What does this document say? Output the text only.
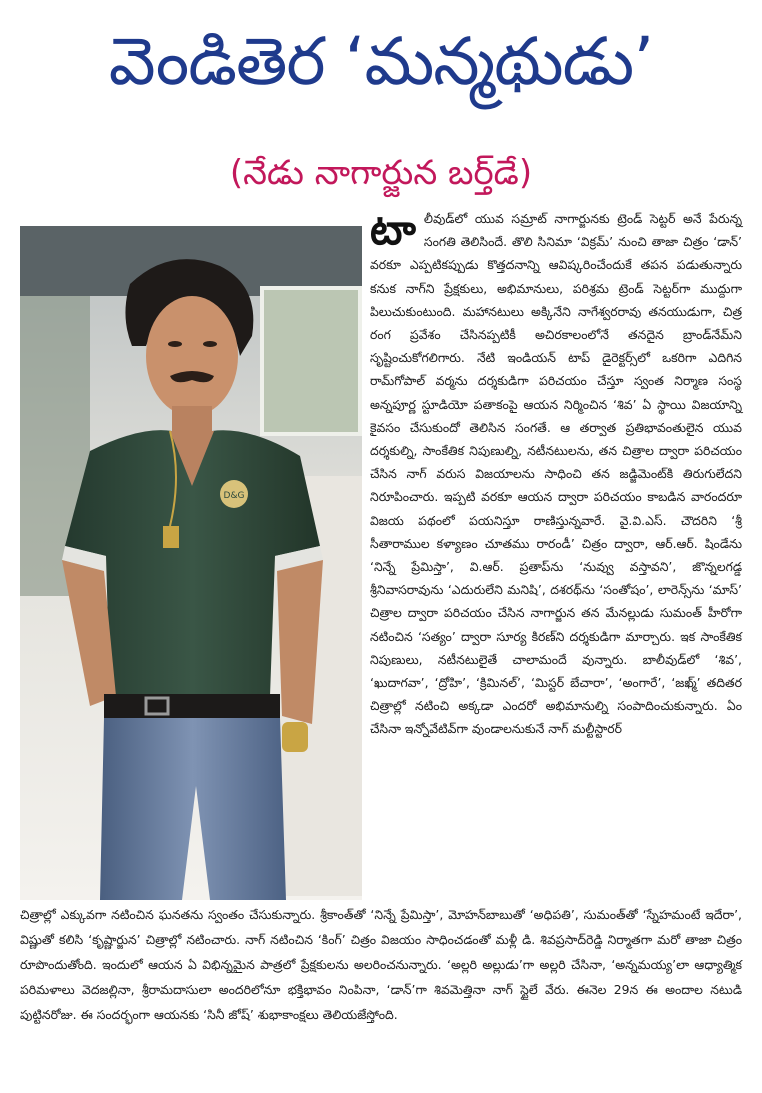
వెండితెర ‘మన్మథుడు’
(నేడు నాగార్జున బర్త్‌డే)
D&G

టాలీవుడ్‌లో యువ సమ్రాట్ నాగార్జునకు ట్రెండ్ సెట్టర్ అనే పేరున్న సంగతి తెలిసిందే. తొలి సినిమా ‘విక్రమ్’ నుంచి తాజా చిత్రం ‘డాన్’ వరకూ ఎప్పటికప్పుడు కొత్తదనాన్ని ఆవిష్కరించేందుకే తపన పడుతున్నారు కనుక నాగ్‌ని ప్రేక్షకులు, అభిమానులు, పరిశ్రమ ట్రెండ్ సెట్టర్‌గా ముద్దుగా పిలుచుకుంటుంది. మహానటులు అక్కినేని నాగేశ్వరరావు తనయుడుగా, చిత్ర రంగ ప్రవేశం చేసినప్పటికీ అచిరకాలంలోనే తనదైన బ్రాండ్‌నేమ్‌ని సృష్టించుకోగలిగారు. నేటి ఇండియన్ టాప్ డైరెక్టర్స్‌లో ఒకరిగా ఎదిగిన రామ్‌గోపాల్ వర్మను దర్శకుడిగా పరిచయం చేస్తూ స్వంత నిర్మాణ సంస్థ అన్నపూర్ణ స్టూడియో పతాకంపై ఆయన నిర్మించిన ‘శివ’ ఏ స్థాయి విజయాన్ని కైవసం చేసుకుందో తెలిసిన సంగతే. ఆ తర్వాత ప్రతిభావంతులైన యువ దర్శకుల్ని, సాంకేతిక నిపుణుల్ని, నటీనటులను, తన చిత్రాల ద్వారా పరిచయం చేసిన నాగ్ వరుస విజయాలను సాధించి తన జడ్జిమెంట్‌కి తిరుగులేదని నిరూపించారు. ఇప్పటి వరకూ ఆయన ద్వారా పరిచయం కాబడిన వారందరూ విజయ పథంలో పయనిస్తూ రాణిస్తున్నవారే. వై.వి.ఎస్. చౌదరిని ‘శ్రీ సీతారాముల కళ్యాణం చూతము రారండీ’ చిత్రం ద్వారా, ఆర్.ఆర్. షిండేను ‘నిన్నే ప్రేమిస్తా’, వి.ఆర్. ప్రతాప్‌ను ‘నువ్వు వస్తావని’, జొన్నలగడ్డ శ్రీనివాసరావును ‘ఎదురులేని మనిషి’, దశరథ్‌ను ‘సంతోషం’, లారెన్స్‌ను ‘మాస్’ చిత్రాల ద్వారా పరిచయం చేసిన నాగార్జున తన మేనల్లుడు సుమంత్ హీరోగా నటించిన ‘సత్యం’ ద్వారా సూర్య కిరణ్‌ని దర్శకుడిగా మార్చారు. ఇక సాంకేతిక నిపుణులు, నటీనటులైతే చాలామందే వున్నారు. బాలీవుడ్‌లో ‘శివ’, ‘ఖుదాగవా’, ‘ద్రోహి’, ‘క్రిమినల్’, ‘మిస్టర్ బేచారా’, ‘అంగారే’, ‘జఖ్మ్’ తదితర చిత్రాల్లో నటించి అక్కడా ఎందరో అభిమానుల్ని సంపాదించుకున్నారు. ఏం చేసినా ఇన్నోవేటివ్‌గా వుండాలనుకునే నాగ్ మల్టీస్టారర్

చిత్రాల్లో ఎక్కువగా నటించిన ఘనతను స్వంతం చేసుకున్నారు. శ్రీకాంత్‌తో ‘నిన్నే ప్రేమిస్తా’, మోహన్‌బాబుతో ‘అధిపతి’, సుమంత్‌తో ‘స్నేహమంటే ఇదేరా’, విష్ణుతో కలిసి ‘కృష్ణార్జున’ చిత్రాల్లో నటించారు. నాగ్ నటించిన ‘కింగ్’ చిత్రం విజయం సాధించడంతో మళ్లీ డి. శివప్రసాద్‌రెడ్డి నిర్మాతగా మరో తాజా చిత్రం రూపొందుతోంది. ఇందులో ఆయన ఏ విభిన్నమైన పాత్రలో ప్రేక్షకులను అలరించనున్నారు. ‘అల్లరి అల్లుడు’గా అల్లరి చేసినా, ‘అన్నమయ్య’లా ఆధ్యాత్మిక పరిమళాలు వెదజల్లినా, శ్రీరామదాసులా అందరిలోనూ భక్తిభావం నింపినా, ‘డాన్’గా శివమెత్తినా నాగ్ స్టైలే వేరు. ఈనెల 29న ఈ అందాల నటుడి పుట్టినరోజు. ఈ సందర్భంగా ఆయనకు ‘సినీ జోష్’ శుభాకాంక్షలు తెలియజేస్తోంది.
